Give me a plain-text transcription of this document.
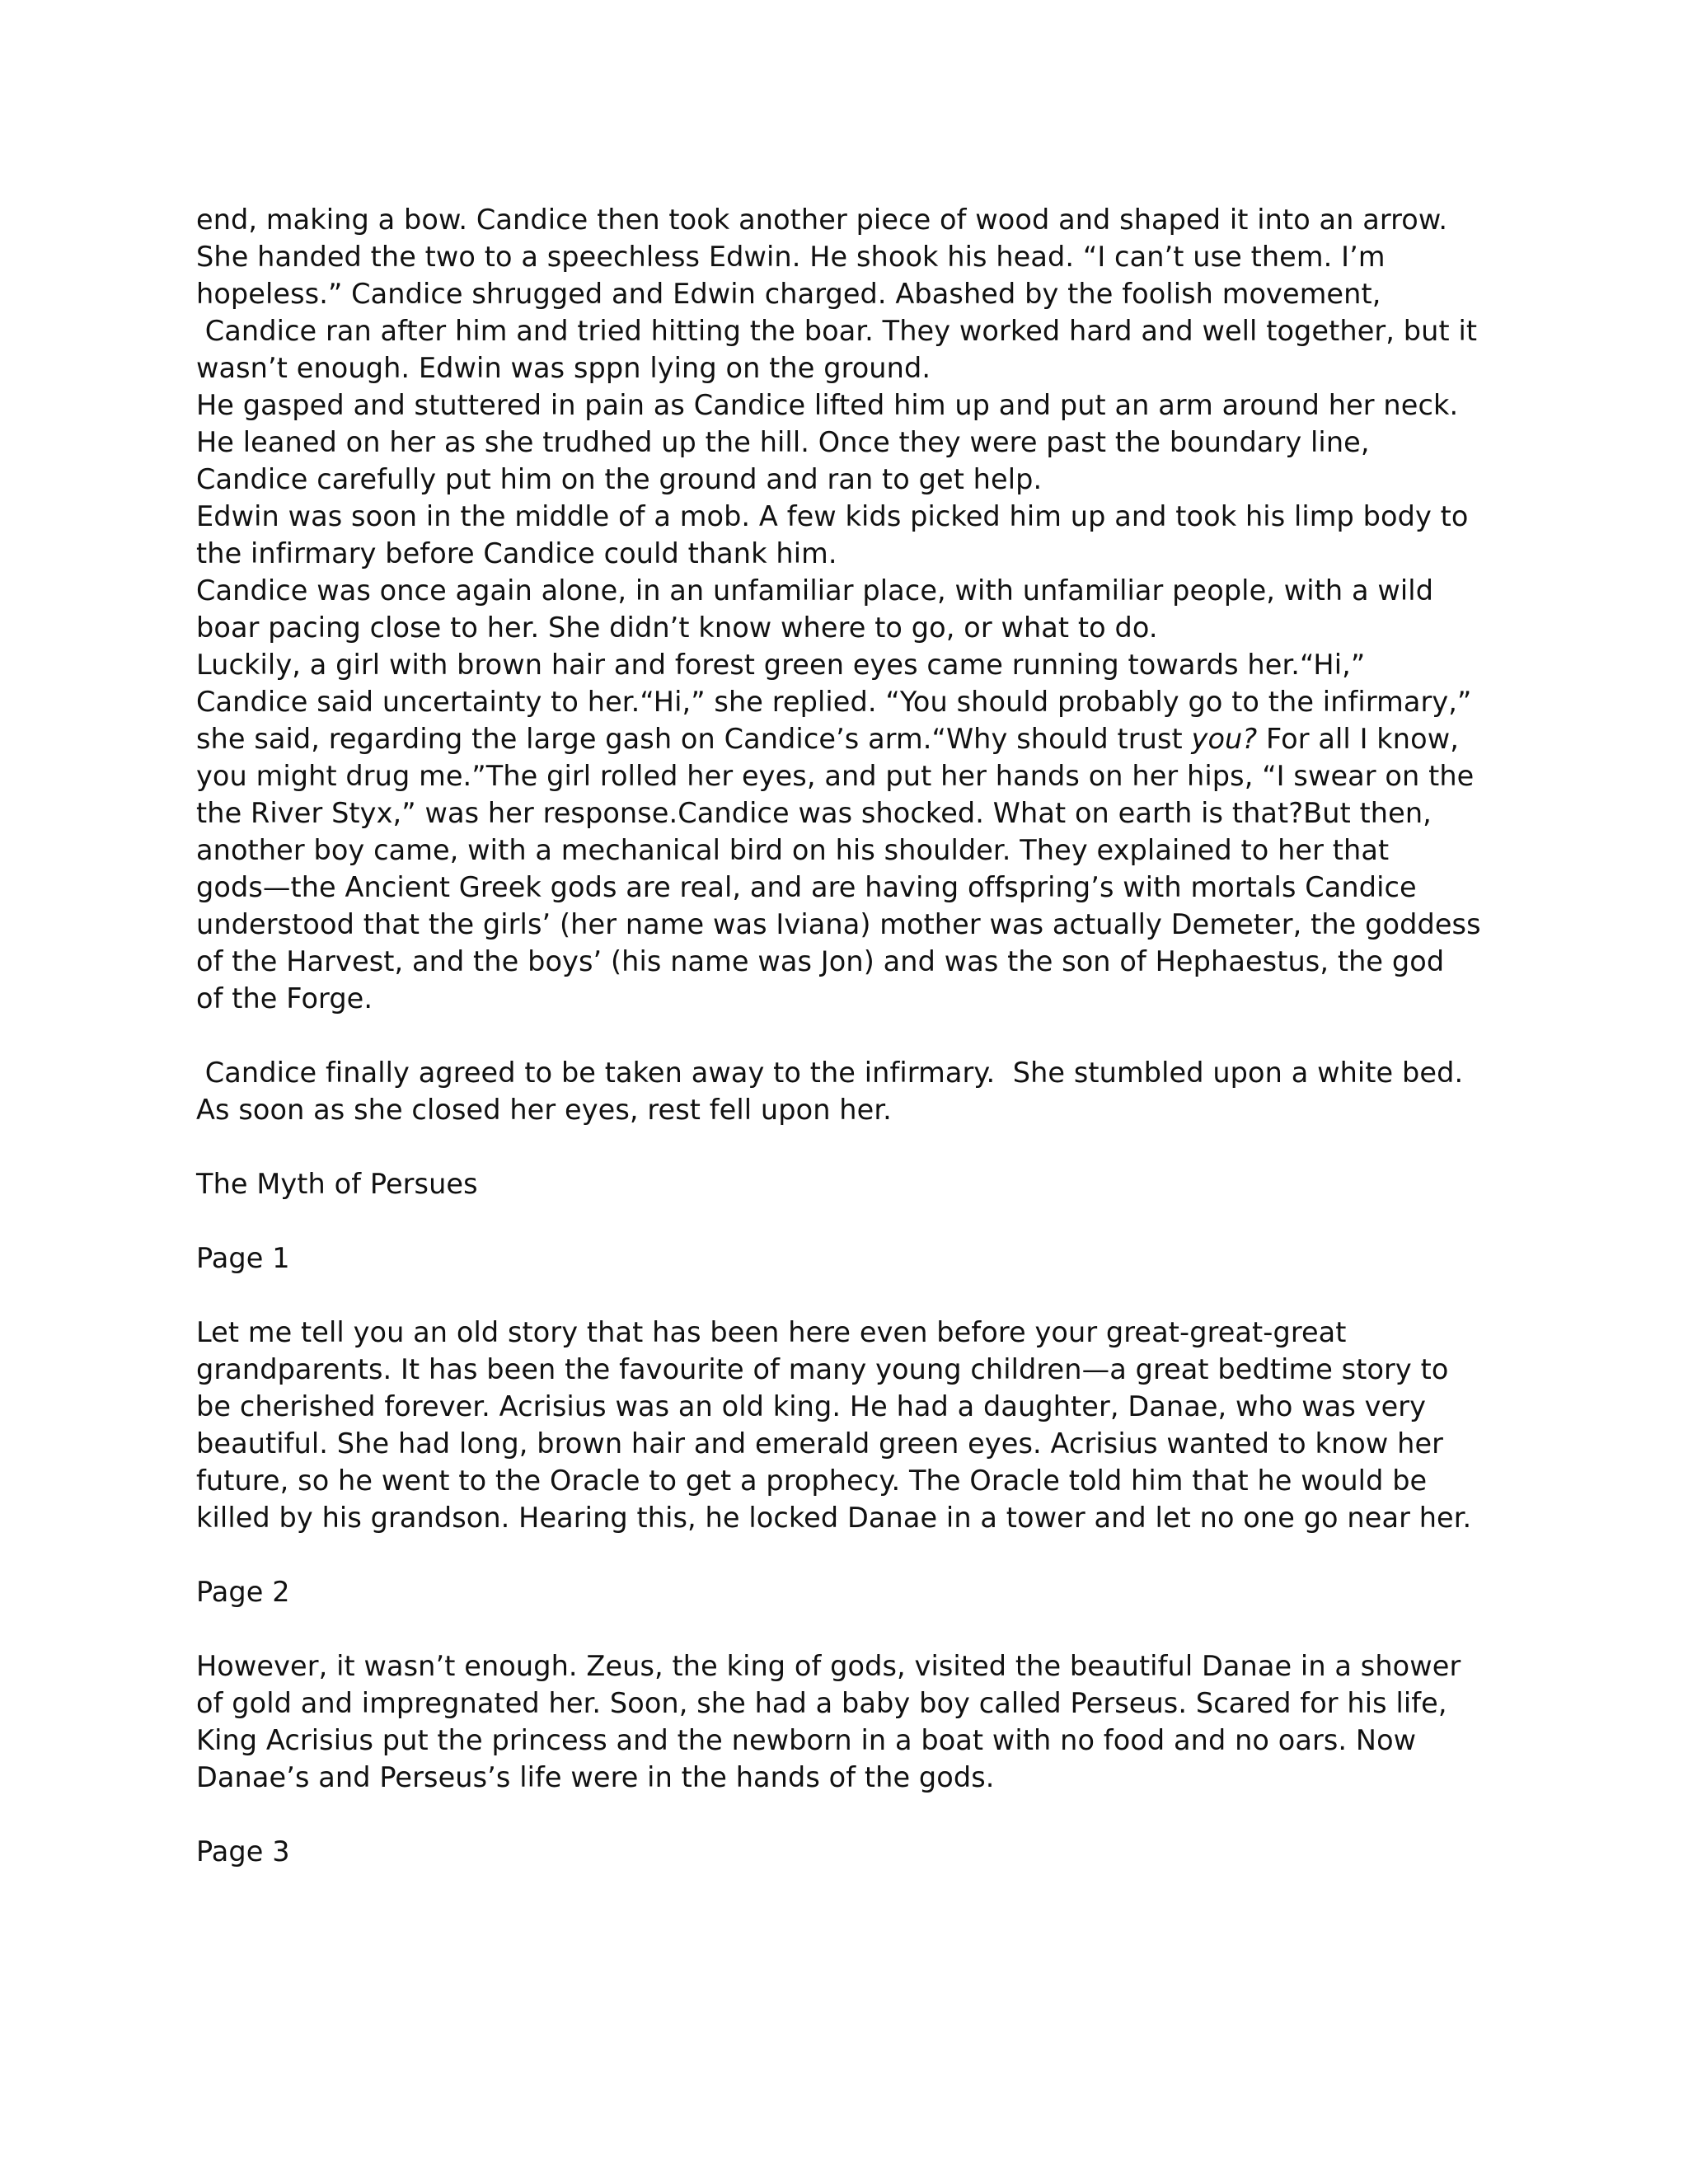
end, making a bow. Candice then took another piece of wood and shaped it into an arrow.
She handed the two to a speechless Edwin. He shook his head. “I can’t use them. I’m
hopeless.” Candice shrugged and Edwin charged. Abashed by the foolish movement,
Candice ran after him and tried hitting the boar. They worked hard and well together, but it
wasn’t enough. Edwin was sppn lying on the ground.
He gasped and stuttered in pain as Candice lifted him up and put an arm around her neck.
He leaned on her as she trudhed up the hill. Once they were past the boundary line,
Candice carefully put him on the ground and ran to get help.
Edwin was soon in the middle of a mob. A few kids picked him up and took his limp body to
the infirmary before Candice could thank him.
Candice was once again alone, in an unfamiliar place, with unfamiliar people, with a wild
boar pacing close to her. She didn’t know where to go, or what to do.
Luckily, a girl with brown hair and forest green eyes came running towards her.“Hi,”
Candice said uncertainty to her.“Hi,” she replied. “You should probably go to the infirmary,”
she said, regarding the large gash on Candice’s arm.“Why should trust you? For all I know,
you might drug me.”The girl rolled her eyes, and put her hands on her hips, “I swear on the
the River Styx,” was her response.Candice was shocked. What on earth is that?But then,
another boy came, with a mechanical bird on his shoulder. They explained to her that
gods—the Ancient Greek gods are real, and are having offspring’s with mortals Candice
understood that the girls’ (her name was Iviana) mother was actually Demeter, the goddess
of the Harvest, and the boys’ (his name was Jon) and was the son of Hephaestus, the god
of the Forge.
Candice finally agreed to be taken away to the infirmary.  She stumbled upon a white bed.
As soon as she closed her eyes, rest fell upon her.
The Myth of Persues
Page 1
Let me tell you an old story that has been here even before your great-great-great
grandparents. It has been the favourite of many young children—a great bedtime story to
be cherished forever. Acrisius was an old king. He had a daughter, Danae, who was very
beautiful. She had long, brown hair and emerald green eyes. Acrisius wanted to know her
future, so he went to the Oracle to get a prophecy. The Oracle told him that he would be
killed by his grandson. Hearing this, he locked Danae in a tower and let no one go near her.
Page 2
However, it wasn’t enough. Zeus, the king of gods, visited the beautiful Danae in a shower
of gold and impregnated her. Soon, she had a baby boy called Perseus. Scared for his life,
King Acrisius put the princess and the newborn in a boat with no food and no oars. Now
Danae’s and Perseus’s life were in the hands of the gods.
Page 3
